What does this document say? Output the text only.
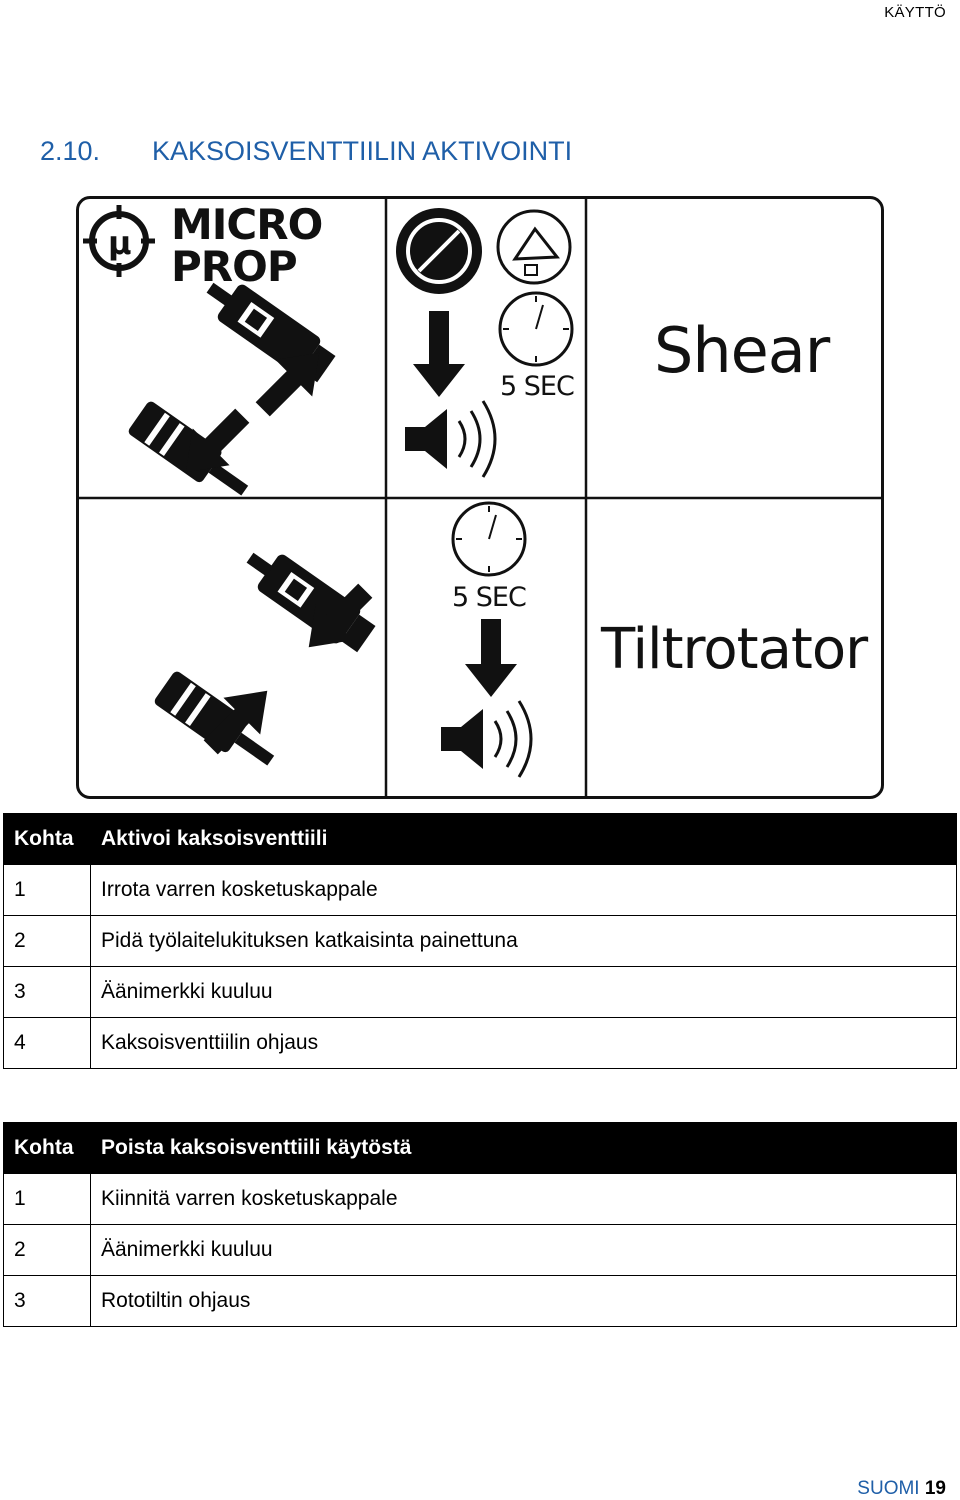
KÄYTTÖ
2.10. KAKSOISVENTTIILIN AKTIVOINTI
μ MICRO
PROP
5 SEC
5 SEC
Shear
Tiltrotator
Kohta	Aktivoi kaksoisventtiili
1	Irrota varren kosketuskappale
2	Pidä työlaitelukituksen katkaisinta painettuna
3	Äänimerkki kuuluu
4	Kaksoisventtiilin ohjaus
Kohta	Poista kaksoisventtiili käytöstä
1	Kiinnitä varren kosketuskappale
2	Äänimerkki kuuluu
3	Rototiltin ohjaus
SUOMI 19
